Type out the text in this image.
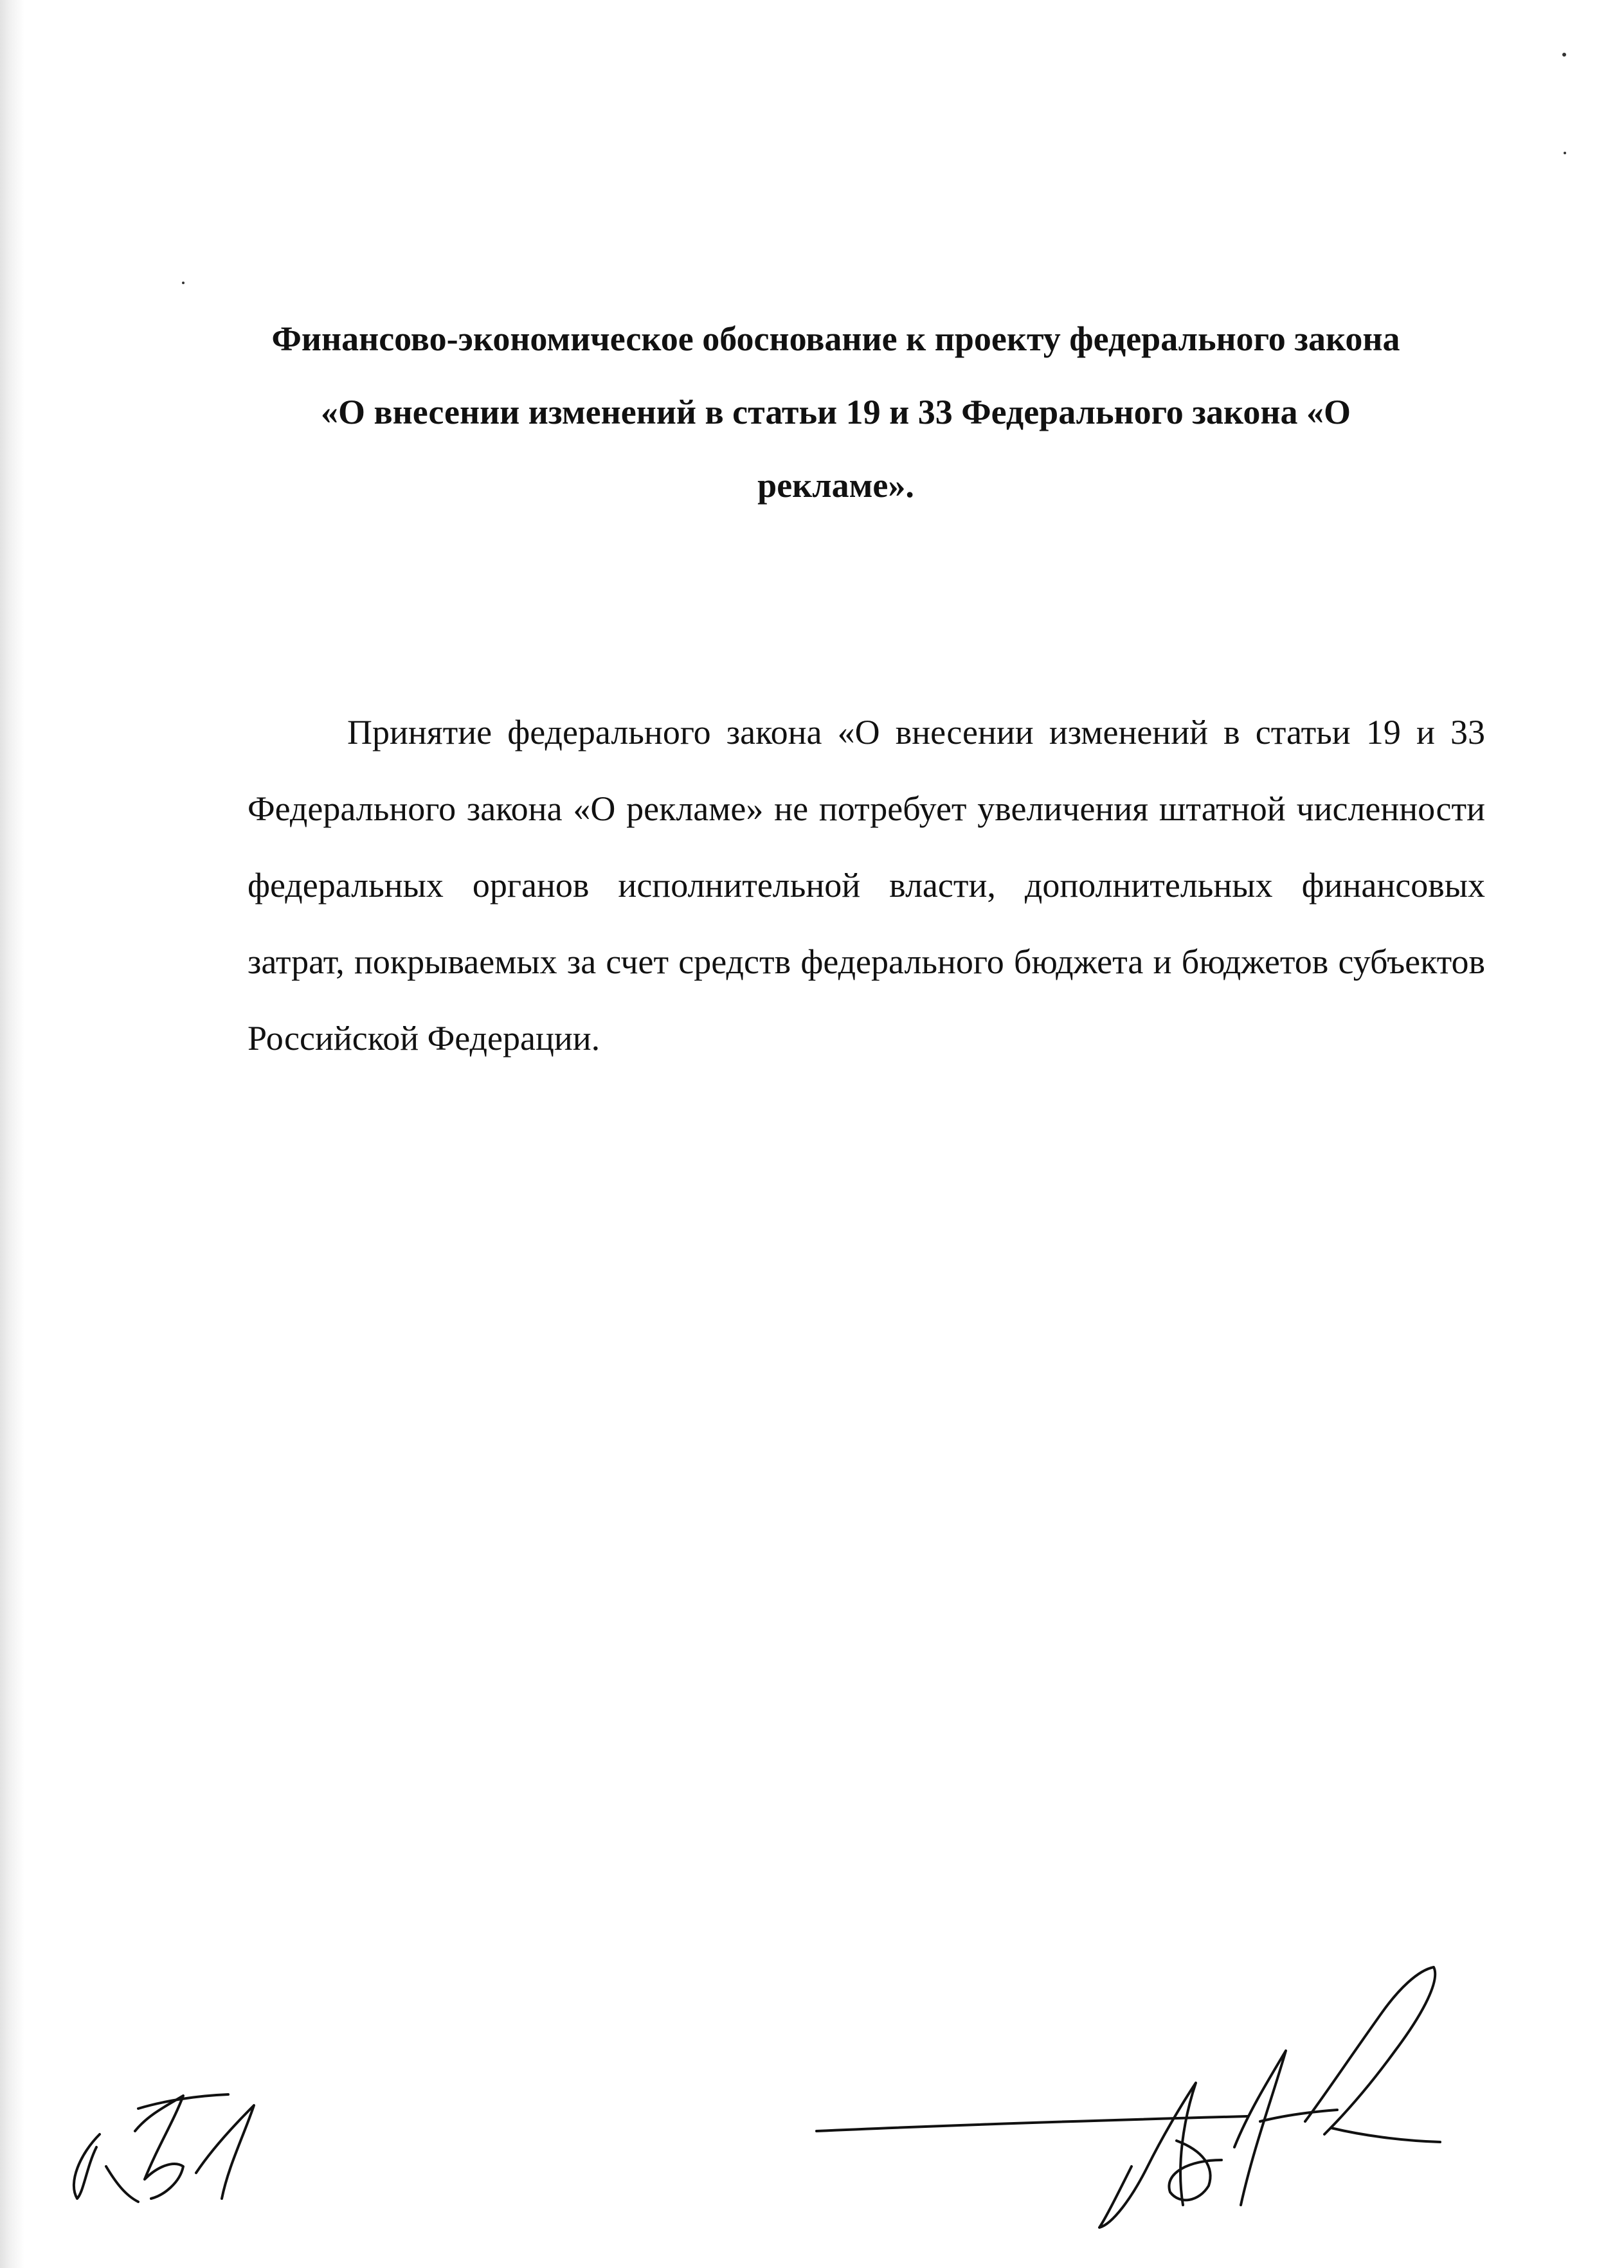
Финансово-экономическое обоснование к проекту федерального закона
«О внесении изменений в статьи 19 и 33 Федерального закона «О
рекламе».

Принятие федерального закона «О внесении изменений в статьи 19 и 33 Федерального закона «О рекламе» не потребует увеличения штатной численности федеральных органов исполнительной власти, дополнительных финансовых затрат, покрываемых за счет средств федерального бюджета и бюджетов субъектов Российской Федерации.
